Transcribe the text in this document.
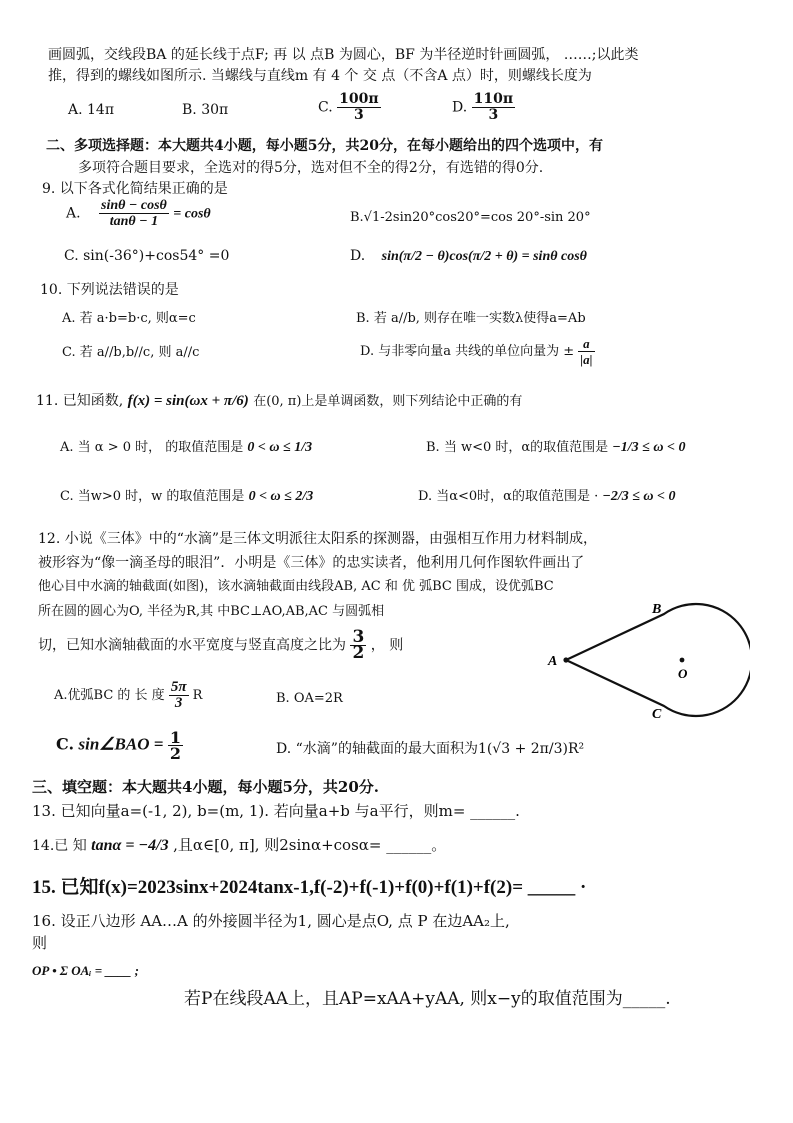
画圆弧，交线段BA 的延长线于点F; 再 以 点B 为圆心，BF 为半径逆时针画圆弧， ……;以此类
推，得到的螺线如图所示. 当螺线与直线m 有 4 个 交 点（不含A 点）时，则螺线长度为
A. 14π	B. 30π	C. $\frac{100\pi}{3}$	D. $\frac{110\pi}{3}$
二、多项选择题：本大题共4小题，每小题5分，共20分，在每小题给出的四个选项中，有
多项符合题目要求，全选对的得5分，选对但不全的得2分，有选错的得0分.
9. 以下各式化简结果正确的是
A. $\frac{\sin\theta - \cos\theta}{\tan\theta - 1} = \cos\theta$	B.√1-2sin20°cos20°=cos 20°-sin 20°
C. sin(-36°)+cos54° =0	D. sin(π/2 − θ)cos(π/2 + θ) = sinθ cosθ
10. 下列说法错误的是
A. 若 a·b=b·c, 则α=c	B. 若 a//b, 则存在唯一实数λ使得a=Ab
C. 若 a//b,b//c, 则 a//c	D. 与非零向量a 共线的单位向量为 ± $\frac{a}{|a|}$
11. 已知函数, f(x) = sin(ωx + π/6) 在(0, π)上是单调函数，则下列结论中正确的有
A. 当 α > 0 时， 的取值范围是 0 < ω ≤ 1/3	B. 当 w<0 时，α的取值范围是 −1/3 ≤ ω < 0
C. 当w>0 时，w 的取值范围是 0 < ω ≤ 2/3	D. 当α<0时，α的取值范围是 · −2/3 ≤ ω < 0
12. 小说《三体》中的“水滴”是三体文明派往太阳系的探测器，由强相互作用力材料制成，
被形容为“像一滴圣母的眼泪”．小明是《三体》的忠实读者，他利用几何作图软件画出了
他心目中水滴的轴截面(如图)，该水滴轴截面由线段AB, AC 和 优 弧BC 围成，设优弧BC
所在圆的圆心为O, 半径为R,其 中BC⊥AO,AB,AC 与圆弧相
切，已知水滴轴截面的水平宽度与竖直高度之比为 $\frac{3}{2}$ ， 则
A
B
C
O
A.优弧BC 的 长 度 $\frac{5\pi}{3}$ R	B. OA=2R
C. sin∠BAO = $\frac{1}{2}$	D. “水滴”的轴截面的最大面积为1(√3 + 2π/3)R²
三、填空题：本大题共4小题，每小题5分，共20分.
13. 已知向量a=(-1, 2), b=(m, 1). 若向量a+b 与a平行，则m= ______.
14.已 知 tanα = −4/3 ,且α∈[0, π], 则2sinα+cosα= ______。
15. 已知f(x)=2023sinx+2024tanx-1,f(-2)+f(-1)+f(0)+f(1)+f(2)= _____ ·
16. 设正八边形 AA…A 的外接圆半径为1, 圆心是点O, 点 P 在边AA₂上,
则
OP • Σ OAᵢ = ____ ;
若P在线段AA上，且AP=xAA+yAA, 则x−y的取值范围为_____.
